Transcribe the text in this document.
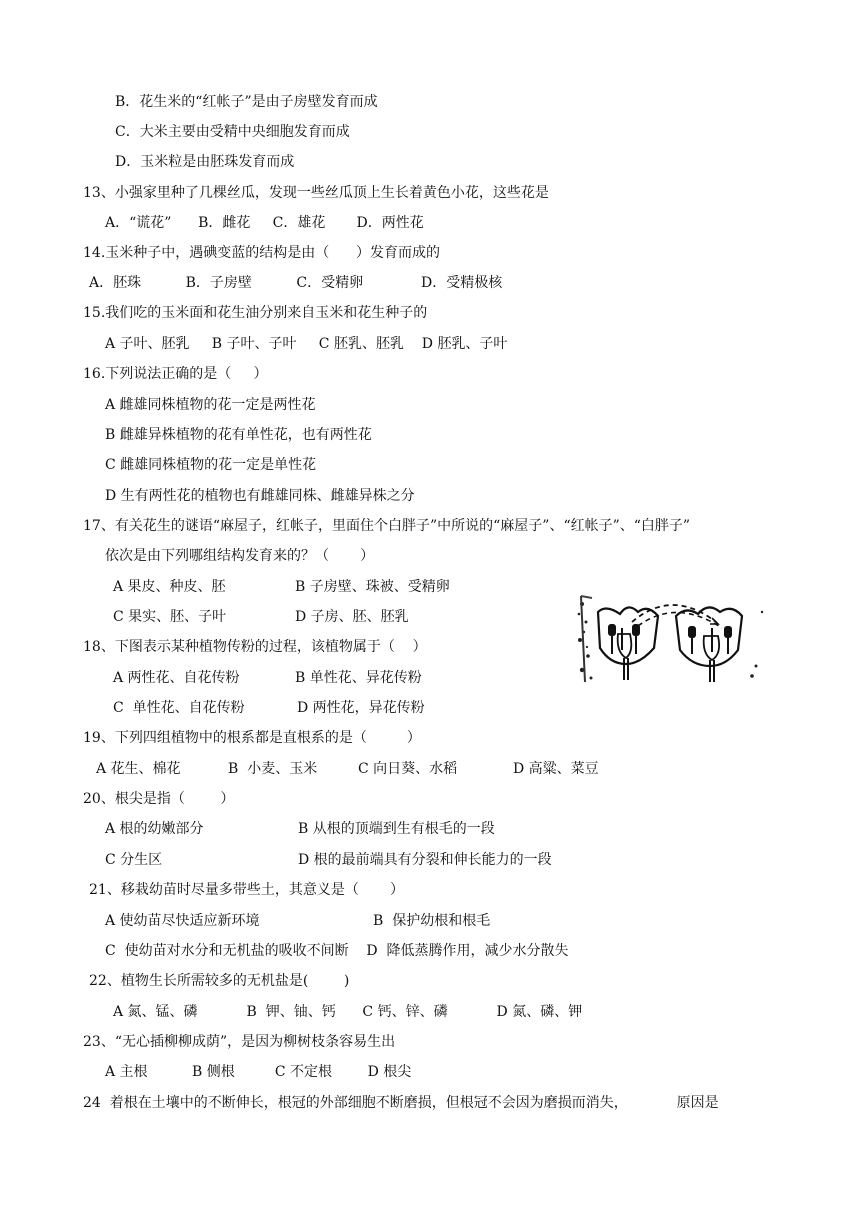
B．花生米的“红帐子”是由子房壁发育而成
C．大米主要由受精中央细胞发育而成
D．玉米粒是由胚珠发育而成
13、小强家里种了几棵丝瓜，发现一些丝瓜顶上生长着黄色小花，这些花是
A．“谎花”      B．雌花     C．雄花       D．两性花
14.玉米种子中，遇碘变蓝的结构是由（      ）发育而成的
A．胚珠          B．子房壁          C．受精卵             D．受精极核
15.我们吃的玉米面和花生油分别来自玉米和花生种子的
A 子叶、胚乳     B 子叶、子叶     C 胚乳、胚乳    D 胚乳、子叶
16.下列说法正确的是（     ）
A 雌雄同株植物的花一定是两性花
B 雌雄异株植物的花有单性花，也有两性花
C 雌雄同株植物的花一定是单性花
D 生有两性花的植物也有雌雄同株、雌雄异株之分
17、有关花生的谜语“麻屋子，红帐子，里面住个白胖子”中所说的“麻屋子”、“红帐子”、“白胖子”
依次是由下列哪组结构发育来的？（       ）
A 果皮、种皮、胚	B 子房壁、珠被、受精卵
C 果实、胚、子叶	D 子房、胚、胚乳
18、下图表示某种植物传粉的过程，该植物属于（    ）
A 两性花、自花传粉	B 单性花、异花传粉
C  单性花、自花传粉	D 两性花，异花传粉
19、下列四组植物中的根系都是直根系的是（         ）
A 花生、棉花	B  小麦、玉米	C 向日葵、水稻	D 高粱、菜豆
20、根尖是指（        ）
A 根的幼嫩部分	B 从根的顶端到生有根毛的一段
C 分生区	D 根的最前端具有分裂和伸长能力的一段
21、移栽幼苗时尽量多带些土，其意义是（       ）
A 使幼苗尽快适应新环境	B  保护幼根和根毛
C  使幼苗对水分和无机盐的吸收不间断    D  降低蒸腾作用，减少水分散失
22、植物生长所需较多的无机盐是(        )
A 氮、锰、磷           B  钾、铀、钙      C 钙、锌、磷           D 氮、磷、钾
23、“无心插柳柳成荫”，是因为柳树枝条容易生出
A 主根          B 侧根         C 不定根        D 根尖
24  着根在土壤中的不断伸长，根冠的外部细胞不断磨损，但根冠不会因为磨损而消失，           原因是
